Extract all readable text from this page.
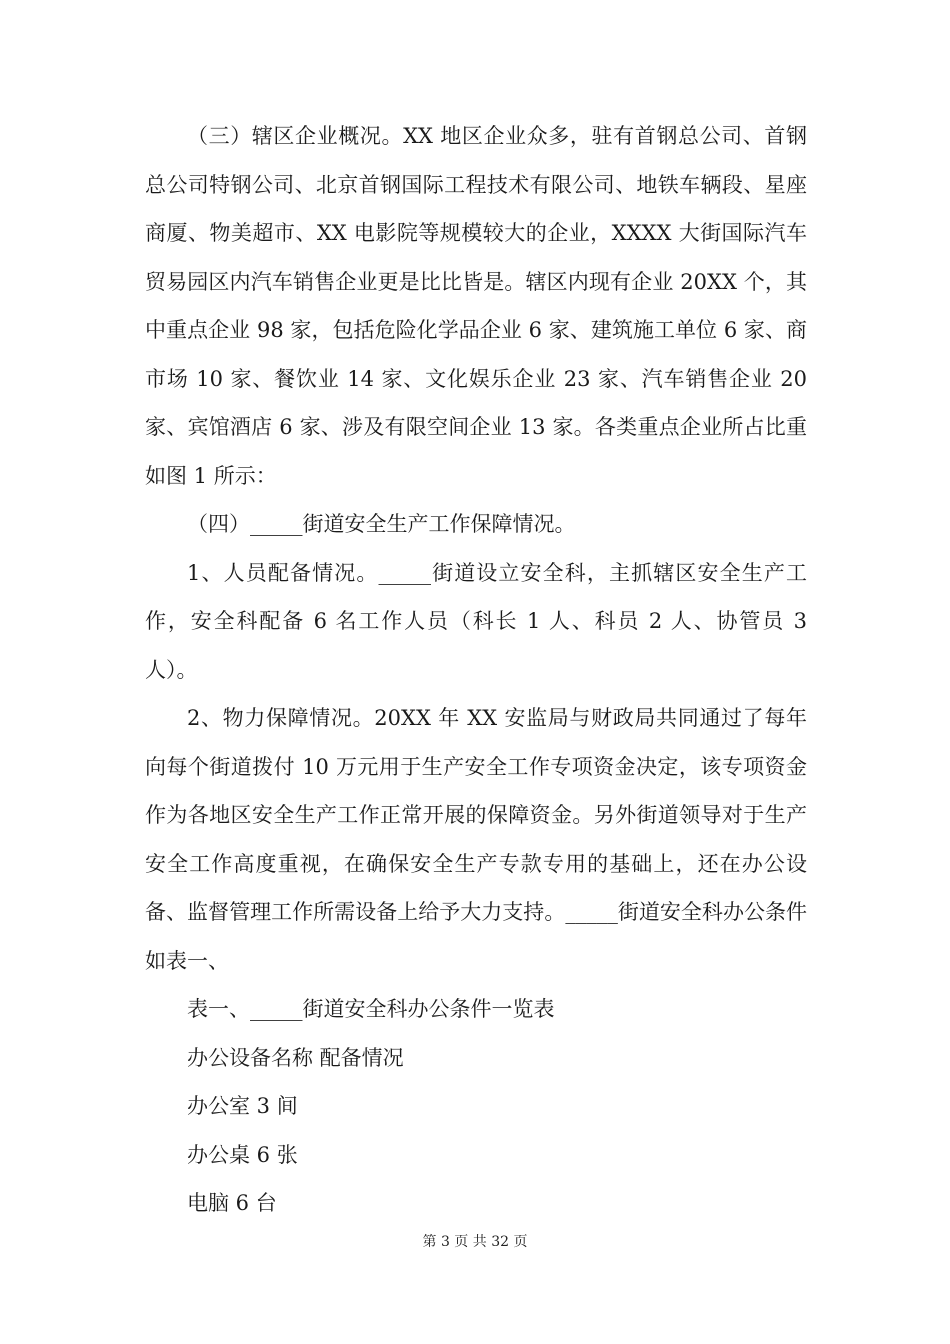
（三）辖区企业概况。XX 地区企业众多，驻有首钢总公司、首钢总公司特钢公司、北京首钢国际工程技术有限公司、地铁车辆段、星座商厦、物美超市、XX 电影院等规模较大的企业，XXXX 大街国际汽车贸易园区内汽车销售企业更是比比皆是。辖区内现有企业 20XX 个，其中重点企业 98 家，包括危险化学品企业 6 家、建筑施工单位 6 家、商市场 10 家、餐饮业 14 家、文化娱乐企业 23 家、汽车销售企业 20 家、宾馆酒店 6 家、涉及有限空间企业 13 家。各类重点企业所占比重如图 1 所示：

（四）_____街道安全生产工作保障情况。

1、人员配备情况。_____街道设立安全科，主抓辖区安全生产工作，安全科配备 6 名工作人员（科长 1 人、科员 2 人、协管员 3 人）。

2、物力保障情况。20XX 年 XX 安监局与财政局共同通过了每年向每个街道拨付 10 万元用于生产安全工作专项资金决定，该专项资金作为各地区安全生产工作正常开展的保障资金。另外街道领导对于生产安全工作高度重视，在确保安全生产专款专用的基础上，还在办公设备、监督管理工作所需设备上给予大力支持。_____街道安全科办公条件如表一、

表一、_____街道安全科办公条件一览表

办公设备名称 配备情况

办公室 3 间

办公桌 6 张

电脑 6 台

第 3 页 共 32 页
